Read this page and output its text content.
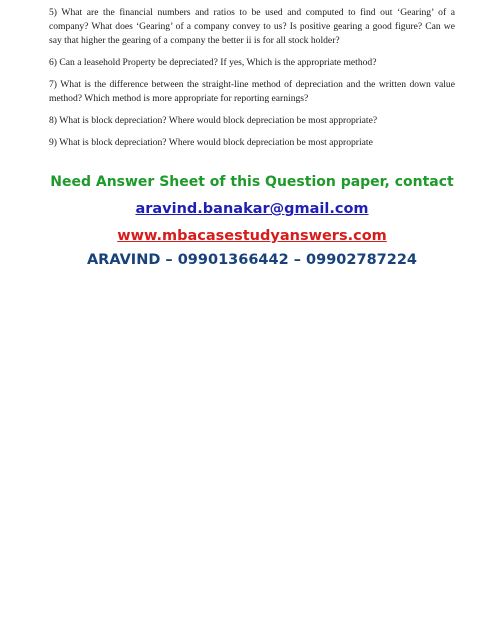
5) What are the financial numbers and ratios to be used and computed to find out ‘Gearing’ of a company? What does ‘Gearing’ of a company convey to us? Is positive gearing a good figure? Can we say that higher the gearing of a company the better ii is for all stock holder?

6) Can a leasehold Property be depreciated? If yes, Which is the appropriate method?

7) What is the difference between the straight-line method of depreciation and the written down value method? Which method is more appropriate for reporting earnings?

8) What is block depreciation? Where would block depreciation be most appropriate?

9) What is block depreciation? Where would block depreciation be most appropriate

Need Answer Sheet of this Question paper, contact
aravind.banakar@gmail.com
www.mbacasestudyanswers.com
ARAVIND – 09901366442 – 09902787224
